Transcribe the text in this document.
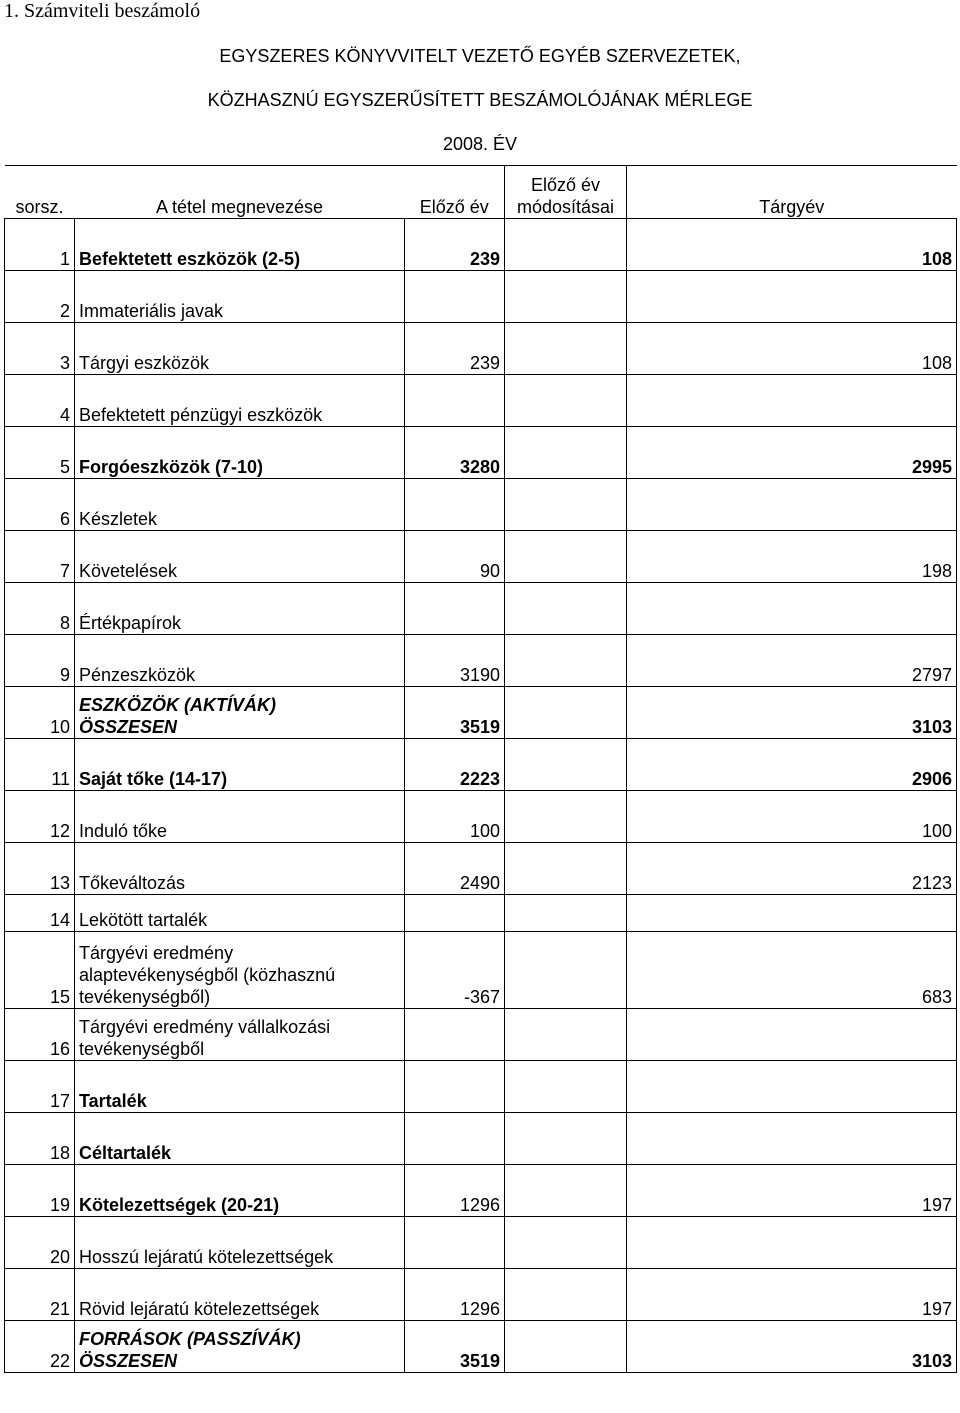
1. Számviteli beszámoló
EGYSZERES KÖNYVVITELT VEZETŐ EGYÉB SZERVEZETEK,
KÖZHASZNÚ EGYSZERŰSÍTETT BESZÁMOLÓJÁNAK MÉRLEGE
2008. ÉV
sorsz.	A tétel megnevezése	Előző év	Előző év
módosításai	Tárgyév
1	Befektetett eszközök (2-5)	239		108
2	Immateriális javak			
3	Tárgyi eszközök	239		108
4	Befektetett pénzügyi eszközök			
5	Forgóeszközök (7-10)	3280		2995
6	Készletek			
7	Követelések	90		198
8	Értékpapírok			
9	Pénzeszközök	3190		2797
10	ESZKÖZÖK (AKTÍVÁK)
ÖSSZESEN	3519		3103
11	Saját tőke (14-17)	2223		2906
12	Induló tőke	100		100
13	Tőkeváltozás	2490		2123
14	Lekötött tartalék			
15	Tárgyévi eredmény
alaptevékenységből (közhasznú
tevékenységből)	-367		683
16	Tárgyévi eredmény vállalkozási
tevékenységből			

17	Tartalék			
18	Céltartalék			
19	Kötelezettségek (20-21)	1296		197
20	Hosszú lejáratú kötelezettségek			
21	Rövid lejáratú kötelezettségek	1296		197
22	FORRÁSOK (PASSZÍVÁK)
ÖSSZESEN	3519		3103
